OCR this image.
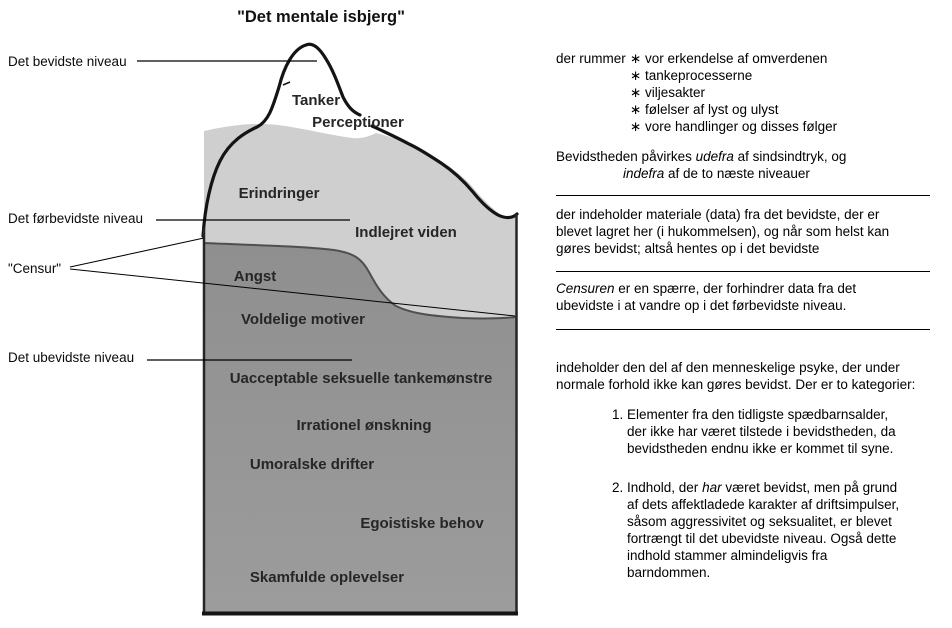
"Det mentale isbjerg"
Det bevidste niveau
Det førbevidste niveau
"Censur"
Det ubevidste niveau
Tanker
Perceptioner
Erindringer
Indlejret viden
Angst
Voldelige motiver
Uacceptable seksuelle tankemønstre
Irrationel ønskning
Umoralske drifter
Egoistiske behov
Skamfulde oplevelser
der rummer ∗ vor erkendelse af omverdenen
∗ tankeprocesserne
∗ viljesakter
∗ følelser af lyst og ulyst
∗ vore handlinger og disses følger
Bevidstheden påvirkes udefra af sindsindtryk, og
indefra af de to næste niveauer
der indeholder materiale (data) fra det bevidste, der er
blevet lagret her (i hukommelsen), og når som helst kan
gøres bevidst; altså hentes op i det bevidste
Censuren er en spærre, der forhindrer data fra det
ubevidste i at vandre op i det førbevidste niveau.
indeholder den del af den menneskelige psyke, der under
normale forhold ikke kan gøres bevidst. Der er to kategorier:
1. Elementer fra den tidligste spædbarnsalder,
der ikke har været tilstede i bevidstheden, da
bevidstheden endnu ikke er kommet til syne.
2. Indhold, der har været bevidst, men på grund
af dets affektladede karakter af driftsimpulser,
såsom aggressivitet og seksualitet, er blevet
fortrængt til det ubevidste niveau. Også dette
indhold stammer almindeligvis fra
barndommen.
